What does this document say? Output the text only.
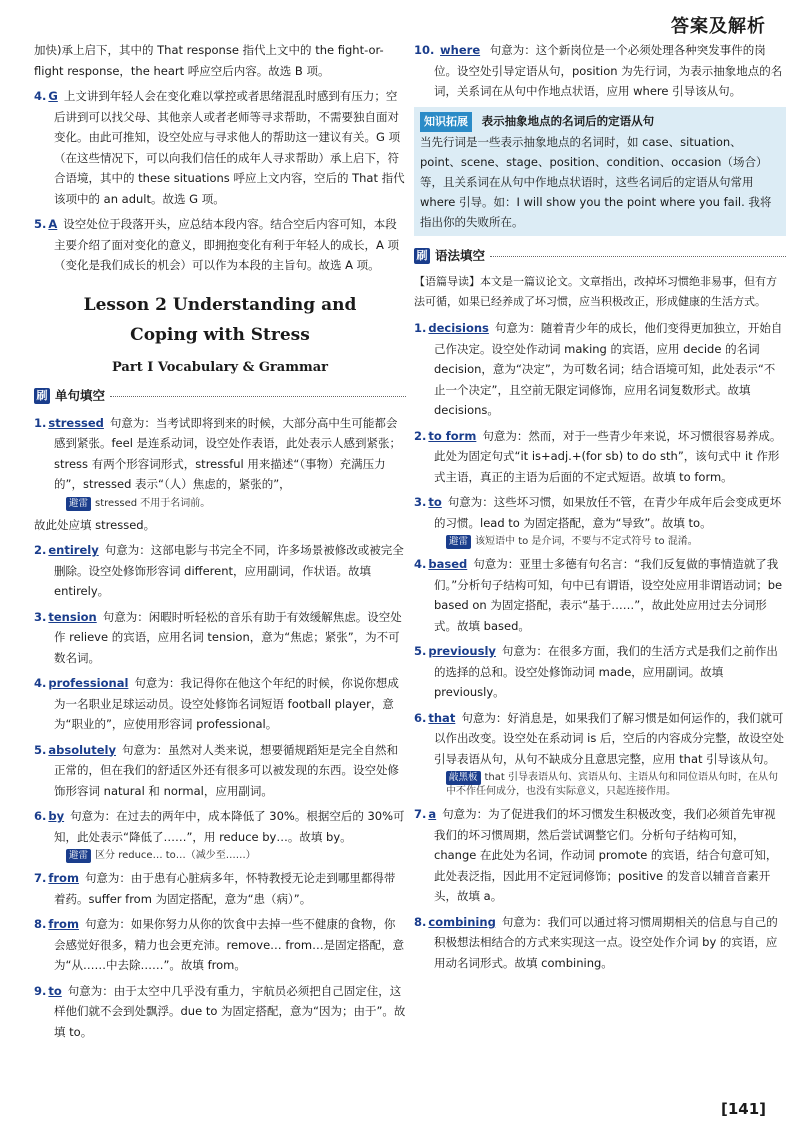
答案及解析

加快)承上启下，其中的 That response 指代上文中的 the fight-or-flight response，the heart 呼应空后内容。故选 B 项。

4. G 上文讲到年轻人会在变化难以掌控或者思绪混乱时感到有压力；空后讲到可以找父母、其他亲人或者老师等寻求帮助，不需要独自面对变化。由此可推知，设空处应与寻求他人的帮助这一建议有关。G 项（在这些情况下，可以向我们信任的成年人寻求帮助）承上启下，符合语境，其中的 these situations 呼应上文内容，空后的 That 指代该项中的 an adult。故选 G 项。

5. A 设空处位于段落开头，应总结本段内容。结合空后内容可知，本段主要介绍了面对变化的意义，即拥抱变化有利于年轻人的成长，A 项（变化是我们成长的机会）可以作为本段的主旨句。故选 A 项。

Lesson 2 Understanding and
Coping with Stress
Part Ⅰ Vocabulary & Grammar
刷 单句填空

1. stressed 句意为：当考试即将到来的时候，大部分高中生可能都会感到紧张。feel 是连系动词，设空处作表语，此处表示人感到紧张；stress 有两个形容词形式，stressful 用来描述“（事物）充满压力的”，stressed 表示“（人）焦虑的，紧张的”，
避雷 stressed 不用于名词前。
故此处应填 stressed。

2. entirely 句意为：这部电影与书完全不同，许多场景被修改或被完全删除。设空处修饰形容词 different，应用副词，作状语。故填 entirely。

3. tension 句意为：闲暇时听轻松的音乐有助于有效缓解焦虑。设空处作 relieve 的宾语，应用名词 tension，意为“焦虑；紧张”，为不可数名词。

4. professional 句意为：我记得你在他这个年纪的时候，你说你想成为一名职业足球运动员。设空处修饰名词短语 football player，意为“职业的”，应使用形容词 professional。

5. absolutely 句意为：虽然对人类来说，想要循规蹈矩是完全自然和正常的，但在我们的舒适区外还有很多可以被发现的东西。设空处修饰形容词 natural 和 normal，应用副词。

6. by 句意为：在过去的两年中，成本降低了 30%。根据空后的 30%可知，此处表示“降低了……”，用 reduce by…。故填 by。
避雷 区分 reduce… to…（减少至……）

7. from 句意为：由于患有心脏病多年，怀特教授无论走到哪里都得带着药。suffer from 为固定搭配，意为“患（病）”。

8. from 句意为：如果你努力从你的饮食中去掉一些不健康的食物，你会感觉好很多，精力也会更充沛。remove… from…是固定搭配，意为“从……中去除……”。故填 from。

9. to 句意为：由于太空中几乎没有重力，宇航员必须把自己固定住，这样他们就不会到处飘浮。due to 为固定搭配，意为“因为；由于”。故填 to。

10. where 句意为：这个新岗位是一个必须处理各种突发事件的岗位。设空处引导定语从句，position 为先行词，为表示抽象地点的名词，关系词在从句中作地点状语，应用 where 引导该从句。

知识拓展 表示抽象地点的名词后的定语从句
当先行词是一些表示抽象地点的名词时，如 case、situation、point、scene、stage、position、condition、occasion（场合）等，且关系词在从句中作地点状语时，这些名词后的定语从句常用 where 引导。如：I will show you the point where you fail. 我将指出你的失败所在。
刷 语法填空

【语篇导读】本文是一篇议论文。文章指出，改掉坏习惯绝非易事，但有方法可循，如果已经养成了坏习惯，应当积极改正，形成健康的生活方式。

1. decisions 句意为：随着青少年的成长，他们变得更加独立，开始自己作决定。设空处作动词 making 的宾语，应用 decide 的名词 decision，意为“决定”，为可数名词；结合语境可知，此处表示“不止一个决定”，且空前无限定词修饰，应用名词复数形式。故填 decisions。

2. to form 句意为：然而，对于一些青少年来说，坏习惯很容易养成。此处为固定句式“it is+adj.+(for sb) to do sth”，该句式中 it 作形式主语，真正的主语为后面的不定式短语。故填 to form。

3. to 句意为：这些坏习惯，如果放任不管，在青少年成年后会变成更坏的习惯。lead to 为固定搭配，意为“导致”。故填 to。
避雷 该短语中 to 是介词，不要与不定式符号 to 混淆。

4. based 句意为：亚里士多德有句名言：“我们反复做的事情造就了我们。”分析句子结构可知，句中已有谓语，设空处应用非谓语动词；be based on 为固定搭配，表示“基于……”，故此处应用过去分词形式。故填 based。

5. previously 句意为：在很多方面，我们的生活方式是我们之前作出的选择的总和。设空处修饰动词 made，应用副词。故填 previously。

6. that 句意为：好消息是，如果我们了解习惯是如何运作的，我们就可以作出改变。设空处在系动词 is 后，空后的内容成分完整，故设空处引导表语从句，从句不缺成分且意思完整，应用 that 引导该从句。
敲黑板 that 引导表语从句、宾语从句、主语从句和同位语从句时，在从句中不作任何成分，也没有实际意义，只起连接作用。

7. a 句意为：为了促进我们的坏习惯发生积极改变，我们必须首先审视我们的坏习惯周期，然后尝试调整它们。分析句子结构可知，change 在此处为名词，作动词 promote 的宾语，结合句意可知，此处表泛指，因此用不定冠词修饰；positive 的发音以辅音音素开头，故填 a。

8. combining 句意为：我们可以通过将习惯周期相关的信息与自己的积极想法相结合的方式来实现这一点。设空处作介词 by 的宾语，应用动名词形式。故填 combining。

[141]
